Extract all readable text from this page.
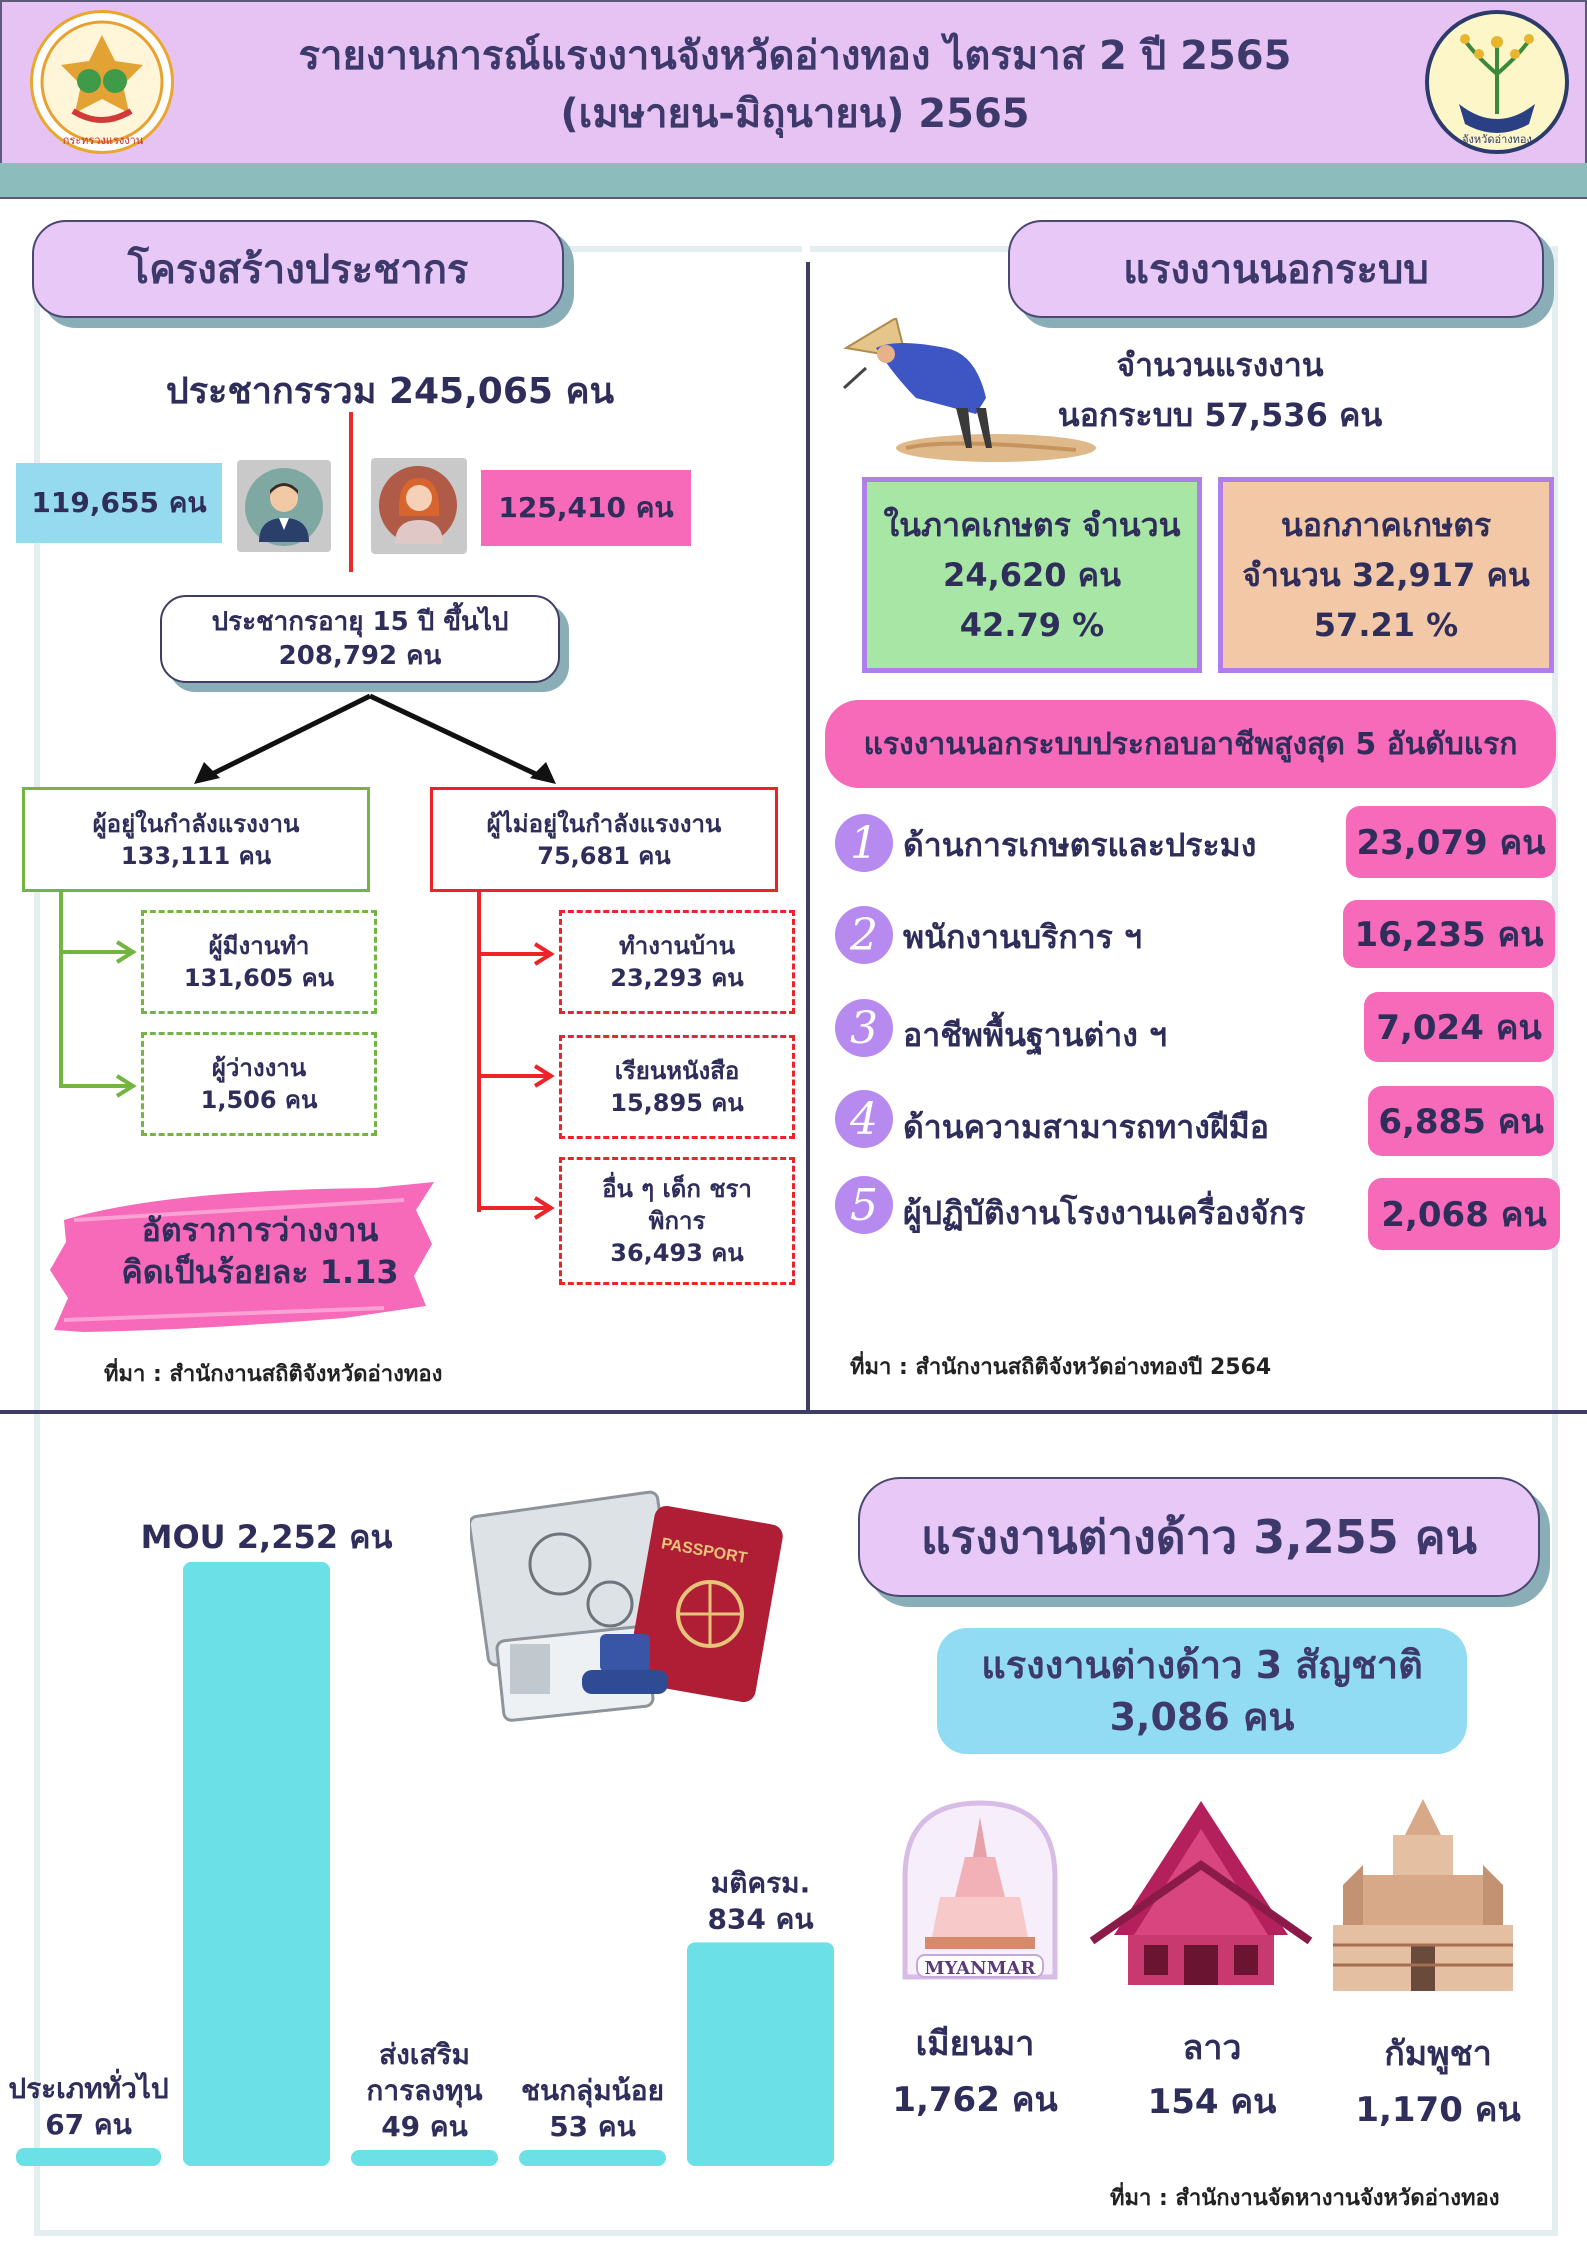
กระทรวงแรงงาน	จังหวัดอ่างทอง
รายงานการณ์แรงงานจังหวัดอ่างทอง ไตรมาส 2 ปี 2565
(เมษายน-มิถุนายน) 2565
โครงสร้างประชากร
ประชากรรวม 245,065 คน
119,655 คน	125,410 คน
ประชากรอายุ 15 ปี ขึ้นไป
208,792 คน
ผู้อยู่ในกำลังแรงงาน
133,111 คน
ผู้ไม่อยู่ในกำลังแรงงาน
75,681 คน
ผู้มีงานทำ
131,605 คน
ผู้ว่างงาน
1,506 คน
ทำงานบ้าน
23,293 คน
เรียนหนังสือ
15,895 คน
อื่น ๆ เด็ก ชรา
พิการ
36,493 คน
อัตราการว่างงาน
คิดเป็นร้อยละ 1.13
ที่มา : สำนักงานสถิติจังหวัดอ่างทอง
แรงงานนอกระบบ
จำนวนแรงงาน
นอกระบบ 57,536 คน
ในภาคเกษตร จำนวน
24,620 คน
42.79 %
นอกภาคเกษตร
จำนวน 32,917 คน
57.21 %
แรงงานนอกระบบประกอบอาชีพสูงสุด 5 อันดับแรก
1 ด้านการเกษตรและประมง	23,079 คน
2 พนักงานบริการ ฯ	16,235 คน
3 อาชีพพื้นฐานต่าง ฯ	7,024 คน
4 ด้านความสามารถทางฝีมือ	6,885 คน
5 ผู้ปฏิบัติงานโรงงานเครื่องจักร	2,068 คน
ที่มา : สำนักงานสถิติจังหวัดอ่างทองปี 2564
ประเภททั่วไป
67 คน
MOU 2,252 คน
ส่งเสริม
การลงทุน
49 คน
ชนกลุ่มน้อย
53 คน
มติครม.
834 คน
PASSPORT	แรงงานต่างด้าว 3,255 คน
แรงงานต่างด้าว 3 สัญชาติ
3,086 คน
MYANMAR
เมียนมา
1,762 คน
ลาว
154 คน
กัมพูชา
1,170 คน
ที่มา : สำนักงานจัดหางานจังหวัดอ่างทอง
